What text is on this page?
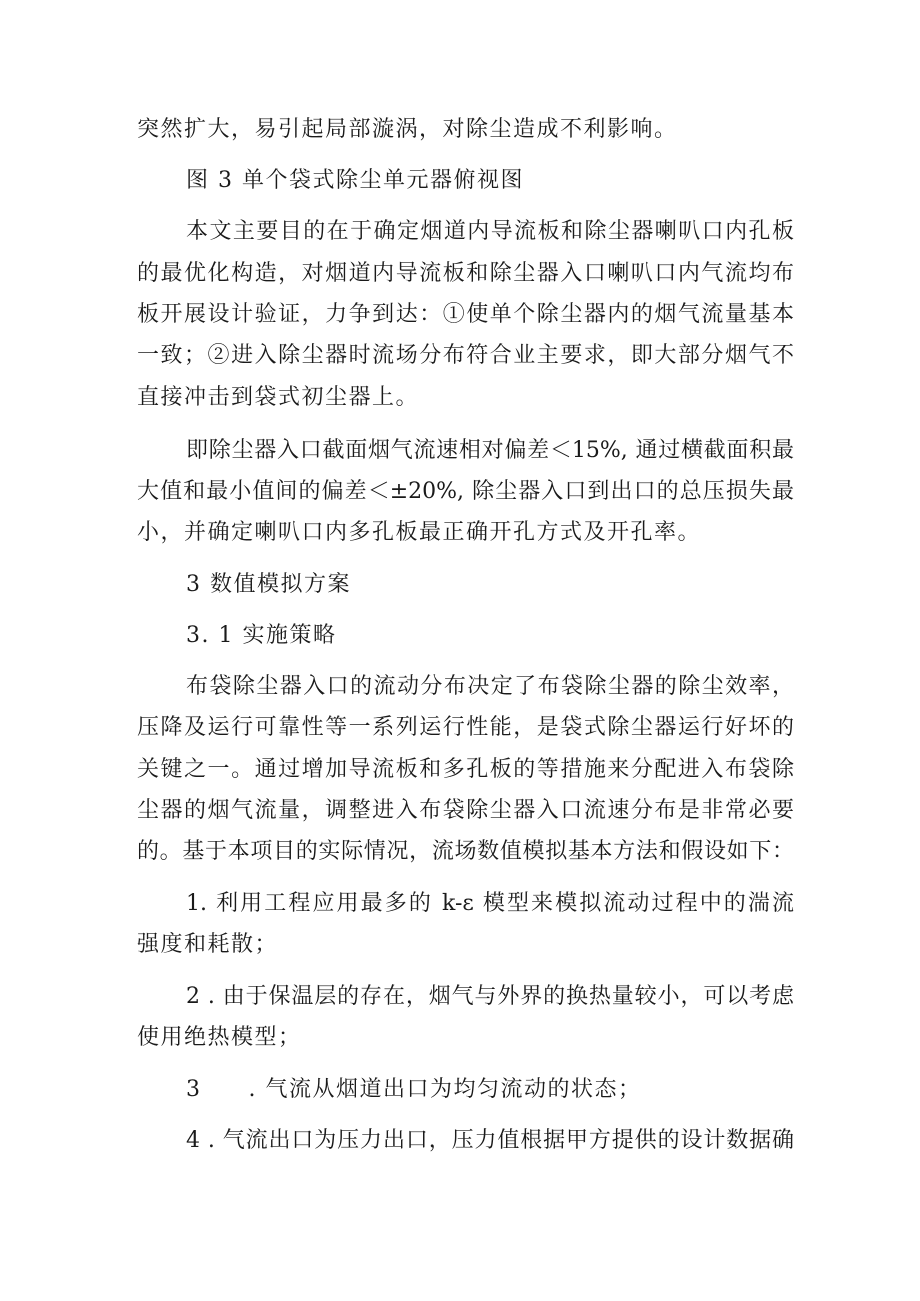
突然扩大，易引起局部漩涡，对除尘造成不利影响。
图 3 单个袋式除尘单元器俯视图
本文主要目的在于确定烟道内导流板和除尘器喇叭口内孔板
的最优化构造，对烟道内导流板和除尘器入口喇叭口内气流均布
板开展设计验证，力争到达：①使单个除尘器内的烟气流量基本
一致；②进入除尘器时流场分布符合业主要求，即大部分烟气不
直接冲击到袋式初尘器上。
即除尘器入口截面烟气流速相对偏差＜15%, 通过横截面积最
大值和最小值间的偏差＜±20%, 除尘器入口到出口的总压损失最
小，并确定喇叭口内多孔板最正确开孔方式及开孔率。
3 数值模拟方案
3. 1 实施策略
布袋除尘器入口的流动分布决定了布袋除尘器的除尘效率，
压降及运行可靠性等一系列运行性能，是袋式除尘器运行好坏的
关键之一。通过增加导流板和多孔板的等措施来分配进入布袋除
尘器的烟气流量，调整进入布袋除尘器入口流速分布是非常必要
的。基于本项目的实际情况，流场数值模拟基本方法和假设如下：
1. 利用工程应用最多的 k-ε 模型来模拟流动过程中的湍流
强度和耗散；
2 . 由于保温层的存在，烟气与外界的换热量较小，可以考虑
使用绝热模型；
3　　. 气流从烟道出口为均匀流动的状态；
4 . 气流出口为压力出口，压力值根据甲方提供的设计数据确
